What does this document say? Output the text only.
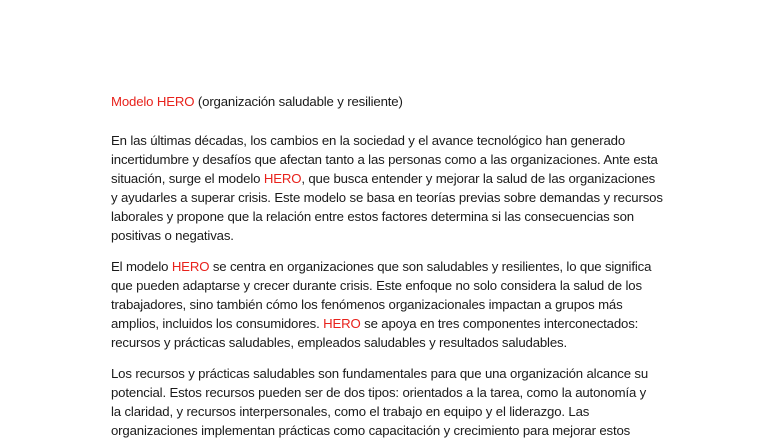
Modelo HERO (organización saludable y resiliente)
En las últimas décadas, los cambios en la sociedad y el avance tecnológico han generado
incertidumbre y desafíos que afectan tanto a las personas como a las organizaciones. Ante esta
situación, surge el modelo HERO, que busca entender y mejorar la salud de las organizaciones
y ayudarles a superar crisis. Este modelo se basa en teorías previas sobre demandas y recursos
laborales y propone que la relación entre estos factores determina si las consecuencias son
positivas o negativas.
El modelo HERO se centra en organizaciones que son saludables y resilientes, lo que significa
que pueden adaptarse y crecer durante crisis. Este enfoque no solo considera la salud de los
trabajadores, sino también cómo los fenómenos organizacionales impactan a grupos más
amplios, incluidos los consumidores. HERO se apoya en tres componentes interconectados:
recursos y prácticas saludables, empleados saludables y resultados saludables.
Los recursos y prácticas saludables son fundamentales para que una organización alcance su
potencial. Estos recursos pueden ser de dos tipos: orientados a la tarea, como la autonomía y
la claridad, y recursos interpersonales, como el trabajo en equipo y el liderazgo. Las
organizaciones implementan prácticas como capacitación y crecimiento para mejorar estos
